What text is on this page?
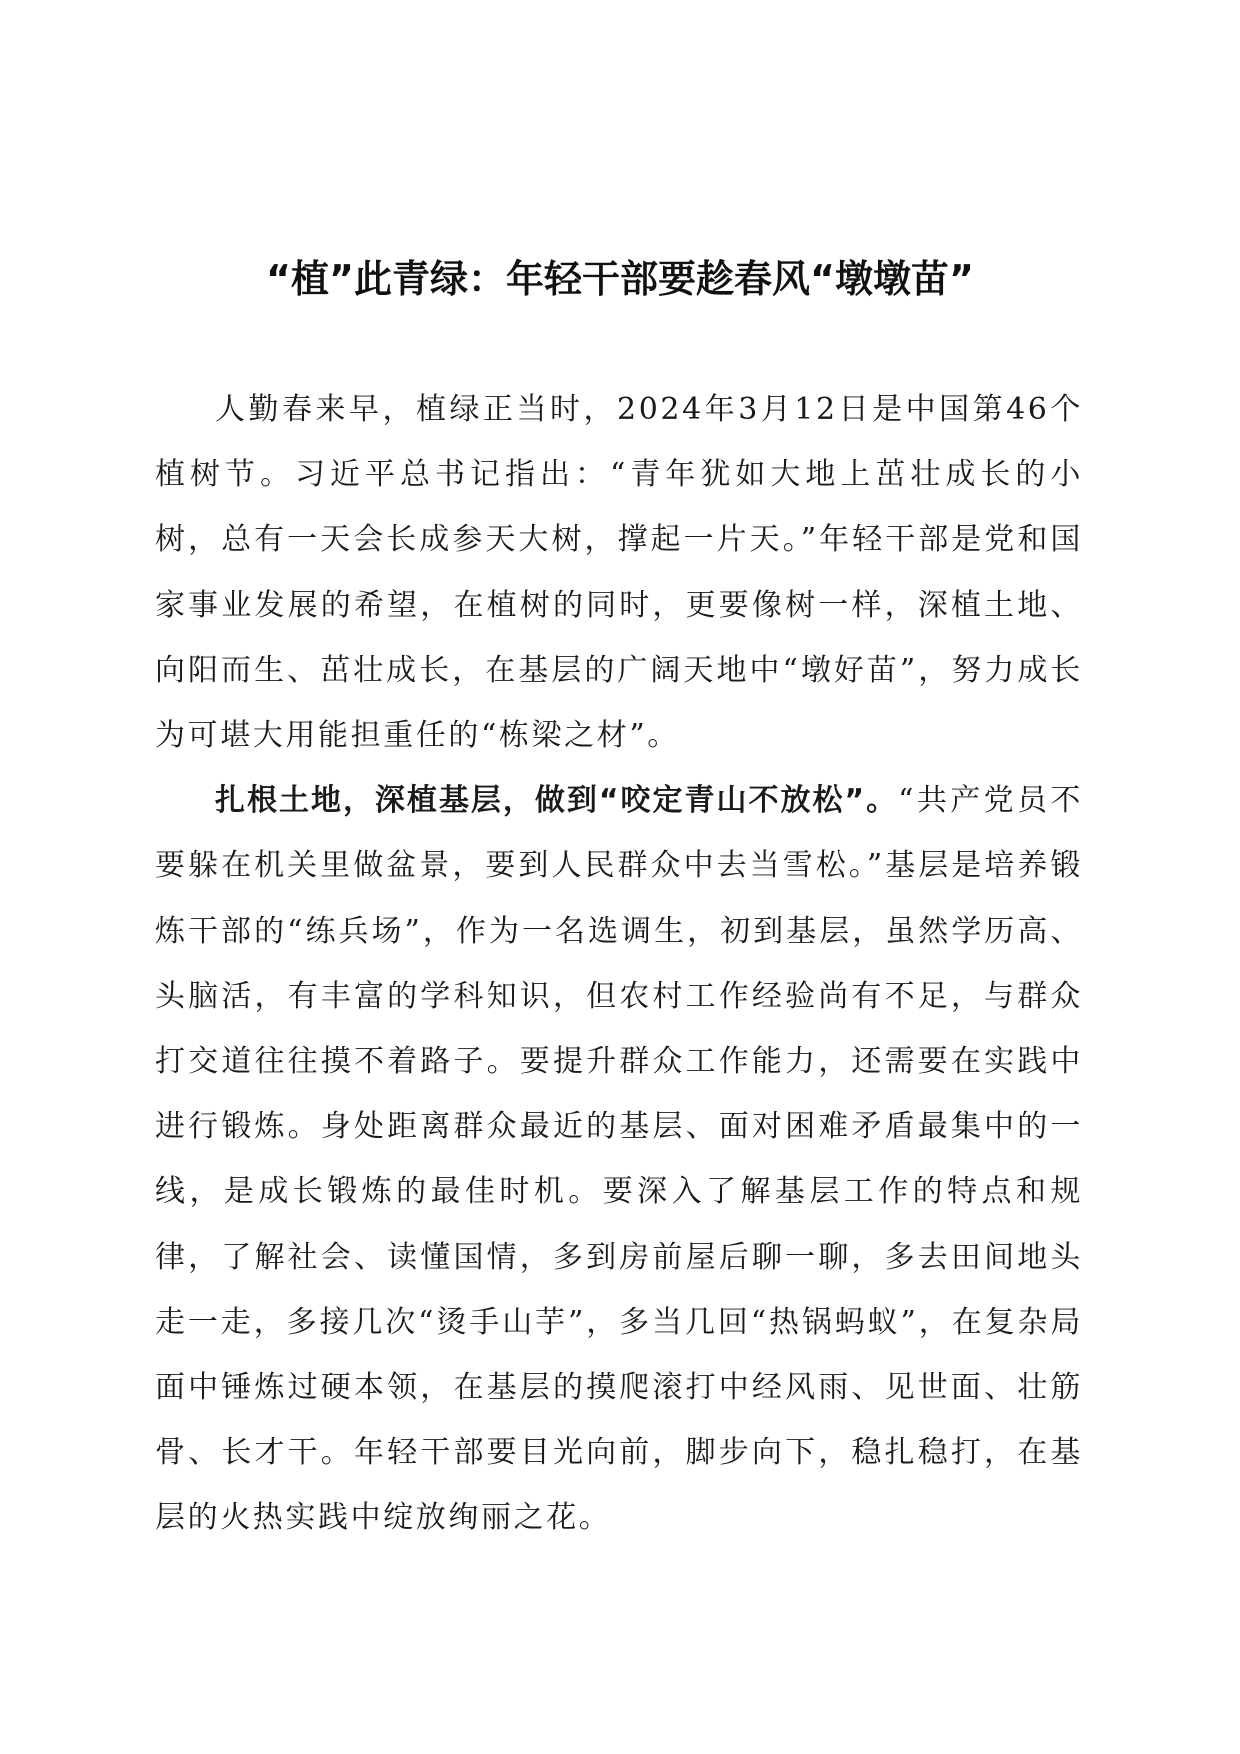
“植”此青绿：年轻干部要趁春风“墩墩苗”

人勤春来早，植绿正当时，2024年3月12日是中国第46个植树节。习近平总书记指出：“青年犹如大地上茁壮成长的小树，总有一天会长成参天大树，撑起一片天。”年轻干部是党和国家事业发展的希望，在植树的同时，更要像树一样，深植土地、向阳而生、茁壮成长，在基层的广阔天地中“墩好苗”，努力成长为可堪大用能担重任的“栋梁之材”。

扎根土地，深植基层，做到“咬定青山不放松”。“共产党员不要躲在机关里做盆景，要到人民群众中去当雪松。”基层是培养锻炼干部的“练兵场”，作为一名选调生，初到基层，虽然学历高、头脑活，有丰富的学科知识，但农村工作经验尚有不足，与群众打交道往往摸不着路子。要提升群众工作能力，还需要在实践中进行锻炼。身处距离群众最近的基层、面对困难矛盾最集中的一线，是成长锻炼的最佳时机。要深入了解基层工作的特点和规律，了解社会、读懂国情，多到房前屋后聊一聊，多去田间地头走一走，多接几次“烫手山芋”，多当几回“热锅蚂蚁”，在复杂局面中锤炼过硬本领，在基层的摸爬滚打中经风雨、见世面、壮筋骨、长才干。年轻干部要目光向前，脚步向下，稳扎稳打，在基层的火热实践中绽放绚丽之花。
